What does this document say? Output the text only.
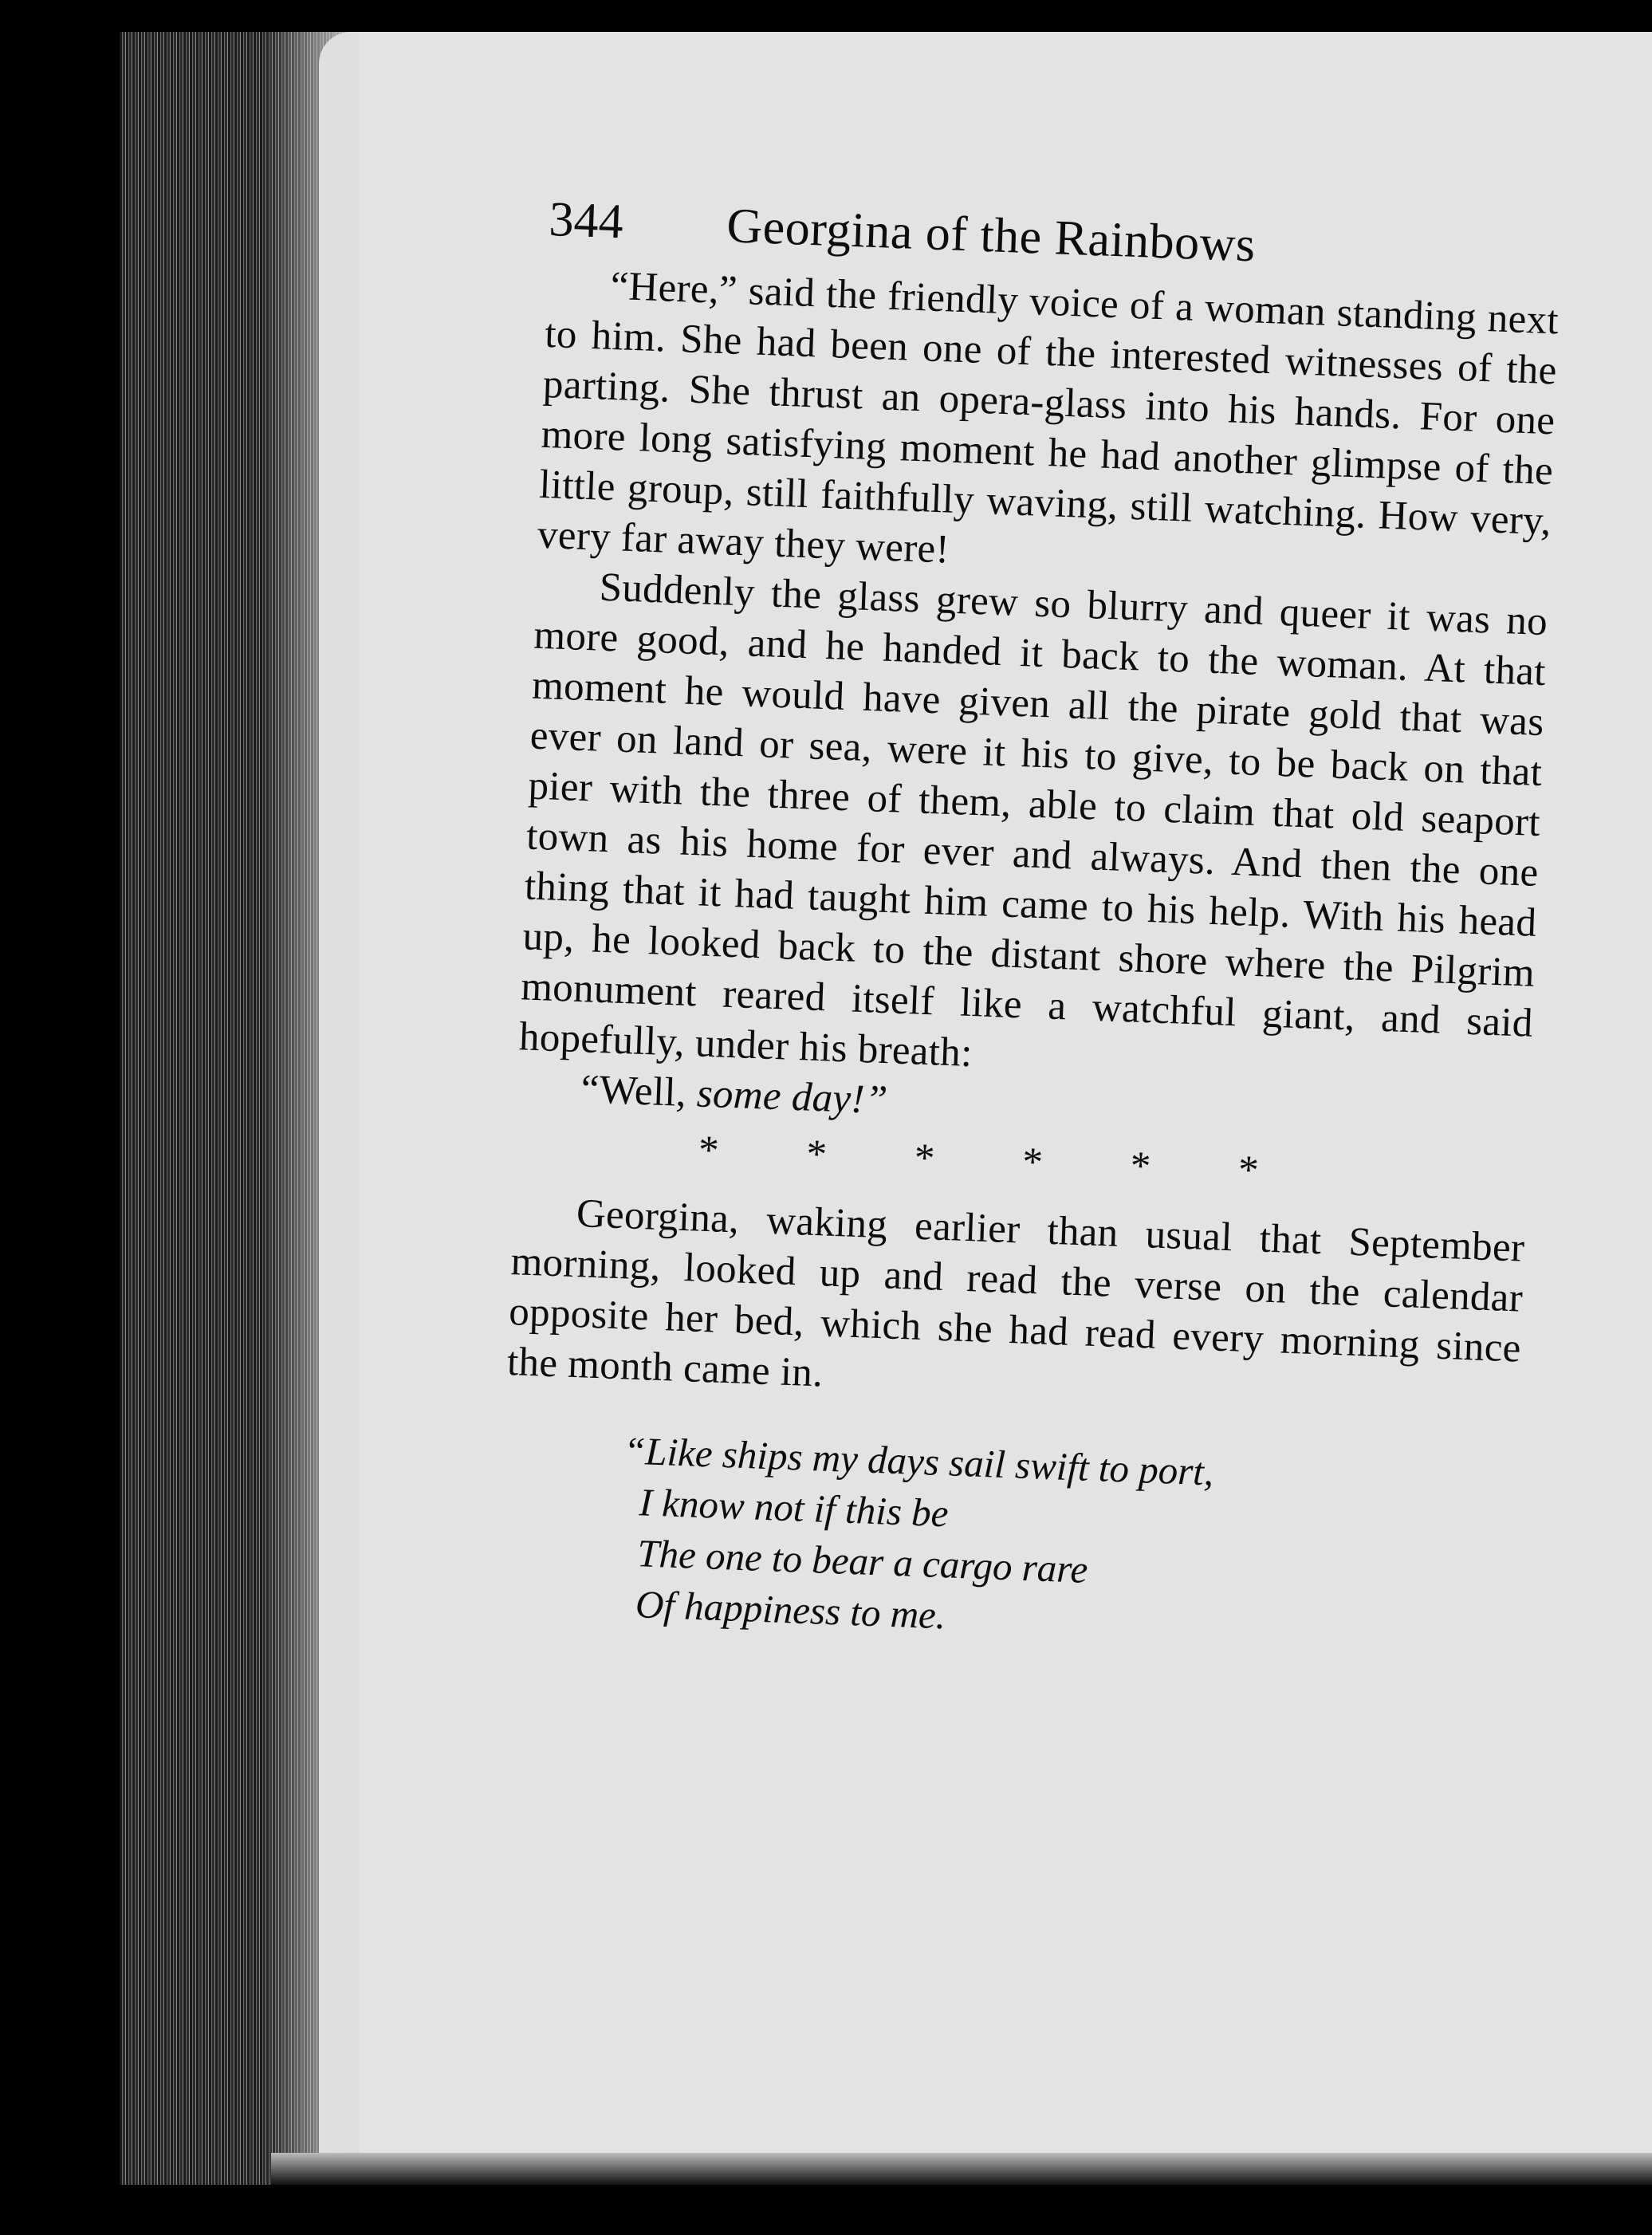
344 Georgina of the Rainbows

“Here,” said the friendly voice of a woman standing next to him. She had been one of the interested witnesses of the parting. She thrust an opera-glass into his hands. For one more long satisfying moment he had another glimpse of the little group, still faithfully waving, still watching. How very, very far away they were!

Suddenly the glass grew so blurry and queer it was no more good, and he handed it back to the woman. At that moment he would have given all the pirate gold that was ever on land or sea, were it his to give, to be back on that pier with the three of them, able to claim that old seaport town as his home for ever and always. And then the one thing that it had taught him came to his help. With his head up, he looked back to the distant shore where the Pilgrim monument reared itself like a watchful giant, and said hopefully, under his breath:

“Well, some day!”

******

Georgina, waking earlier than usual that September morning, looked up and read the verse on the calendar opposite her bed, which she had read every morning since the month came in.

“Like ships my days sail swift to port,
I know not if this be
The one to bear a cargo rare
Of happiness to me.
